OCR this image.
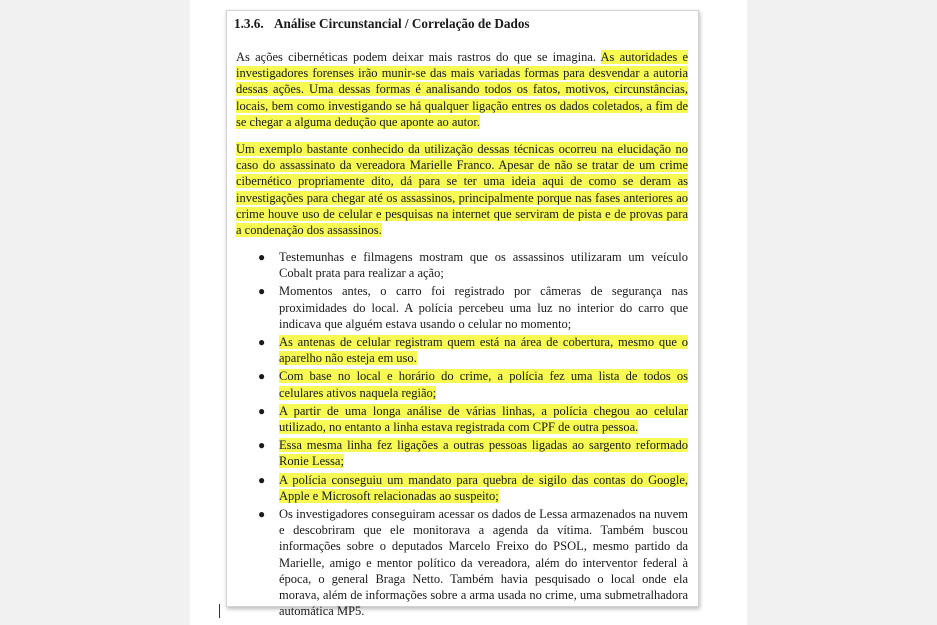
1.3.6. Análise Circunstancial / Correlação de Dados

As ações cibernéticas podem deixar mais rastros do que se imagina. As autoridades e investigadores forenses irão munir-se das mais variadas formas para desvendar a autoria dessas ações. Uma dessas formas é analisando todos os fatos, motivos, circunstâncias, locais, bem como investigando se há qualquer ligação entres os dados coletados, a fim de se chegar a alguma dedução que aponte ao autor.

Um exemplo bastante conhecido da utilização dessas técnicas ocorreu na elucidação no caso do assassinato da vereadora Marielle Franco. Apesar de não se tratar de um crime cibernético propriamente dito, dá para se ter uma ideia aqui de como se deram as investigações para chegar até os assassinos, principalmente porque nas fases anteriores ao crime houve uso de celular e pesquisas na internet que serviram de pista e de provas para a condenação dos assassinos.

● Testemunhas e filmagens mostram que os assassinos utilizaram um veículo Cobalt prata para realizar a ação;
● Momentos antes, o carro foi registrado por câmeras de segurança nas proximidades do local. A polícia percebeu uma luz no interior do carro que indicava que alguém estava usando o celular no momento;
● As antenas de celular registram quem está na área de cobertura, mesmo que o aparelho não esteja em uso.
● Com base no local e horário do crime, a polícia fez uma lista de todos os celulares ativos naquela região;
● A partir de uma longa análise de várias linhas, a polícia chegou ao celular utilizado, no entanto a linha estava registrada com CPF de outra pessoa.
● Essa mesma linha fez ligações a outras pessoas ligadas ao sargento reformado Ronie Lessa;
● A polícia conseguiu um mandato para quebra de sigilo das contas do Google, Apple e Microsoft relacionadas ao suspeito;
● Os investigadores conseguiram acessar os dados de Lessa armazenados na nuvem e descobriram que ele monitorava a agenda da vítima. Também buscou informações sobre o deputados Marcelo Freixo do PSOL, mesmo partido da Marielle, amigo e mentor político da vereadora, além do interventor federal à época, o general Braga Netto. Também havia pesquisado o local onde ela morava, além de informações sobre a arma usada no crime, uma submetralhadora automática MP5.
